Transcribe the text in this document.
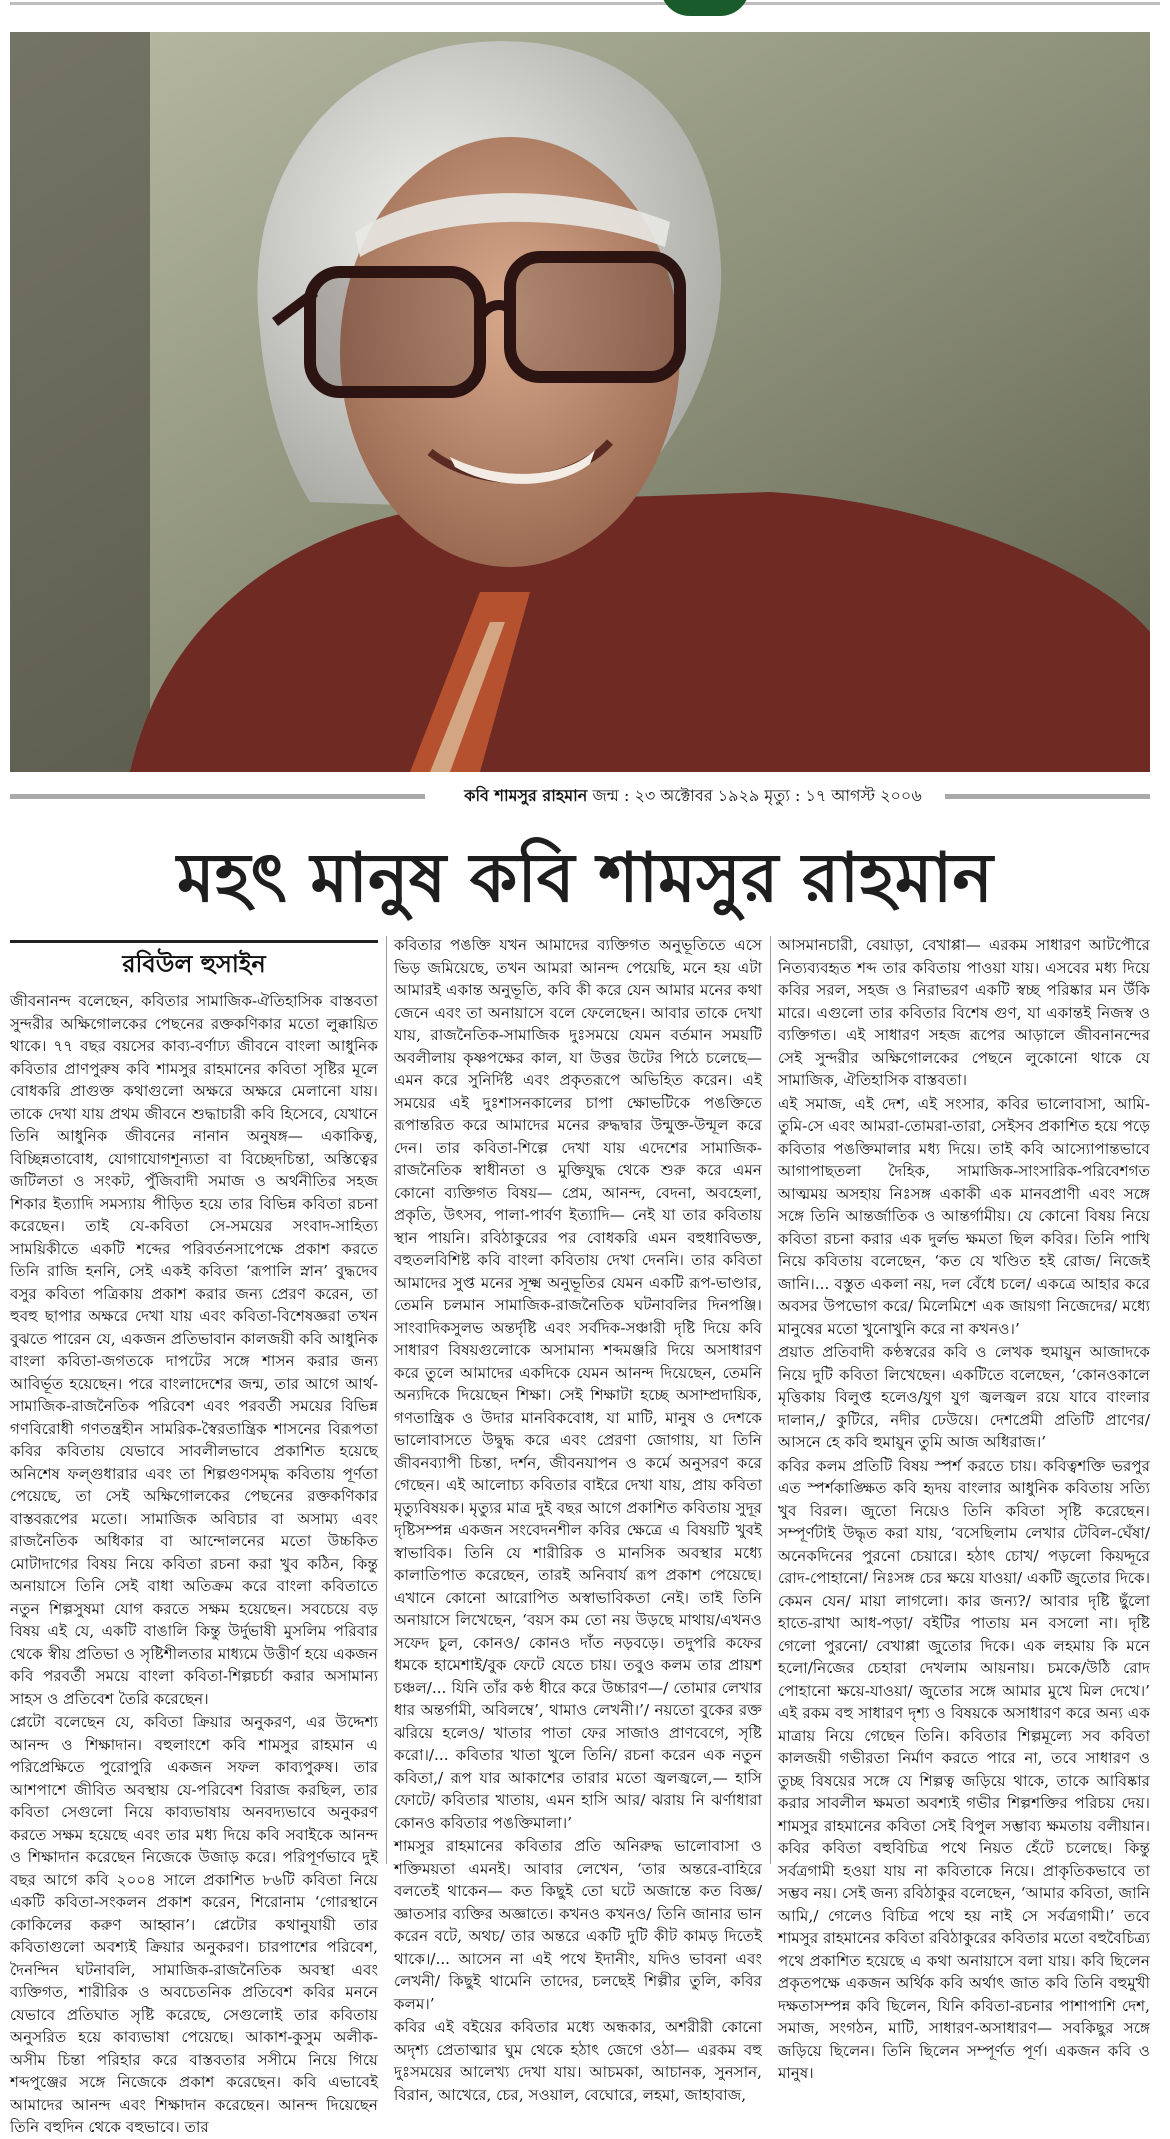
কবি শামসুর রাহমান জন্ম : ২৩ অক্টোবর ১৯২৯ মৃত্যু : ১৭ আগস্ট ২০০৬
মহৎ মানুষ কবি শামসুর রাহমান
রবিউল হুসাইন

জীবনানন্দ বলেছেন, কবিতার সামাজিক-ঐতিহাসিক বাস্তবতা সুন্দরীর অক্ষিগোলকের পেছনের রক্তকণিকার মতো লুক্কায়িত থাকে। ৭৭ বছর বয়সের কাব্য-বর্ণাঢ্য জীবনে বাংলা আধুনিক কবিতার প্রাণপুরুষ কবি শামসুর রাহমানের কবিতা সৃষ্টির মূলে বোধকরি প্রাগুক্ত কথাগুলো অক্ষরে অক্ষরে মেলানো যায়। তাকে দেখা যায় প্রথম জীবনে শুদ্ধাচারী কবি হিসেবে, যেখানে তিনি আধুনিক জীবনের নানান অনুষঙ্গ— একাকিত্ব, বিচ্ছিন্নতাবোধ, যোগাযোগশূন্যতা বা বিচ্ছেদচিন্তা, অস্তিত্বের জটিলতা ও সংকট, পুঁজিবাদী সমাজ ও অর্থনীতির সহজ শিকার ইত্যাদি সমস্যায় পীড়িত হয়ে তার বিভিন্ন কবিতা রচনা করেছেন। তাই যে-কবিতা সে-সময়ের সংবাদ-সাহিত্য সাময়িকীতে একটি শব্দের পরিবর্তনসাপেক্ষে প্রকাশ করতে তিনি রাজি হননি, সেই একই কবিতা ‘রূপালি স্নান’ বুদ্ধদেব বসুর কবিতা পত্রিকায় প্রকাশ করার জন্য প্রেরণ করেন, তা হুবহু ছাপার অক্ষরে দেখা যায় এবং কবিতা-বিশেষজ্ঞরা তখন বুঝতে পারেন যে, একজন প্রতিভাবান কালজয়ী কবি আধুনিক বাংলা কবিতা-জগতকে দাপটের সঙ্গে শাসন করার জন্য আবির্ভূত হয়েছেন। পরে বাংলাদেশের জন্ম, তার আগে আর্থ-সামাজিক-রাজনৈতিক পরিবেশ এবং পরবর্তী সময়ের বিভিন্ন গণবিরোধী গণতন্ত্রহীন সামরিক-স্বৈরতান্ত্রিক শাসনের বিরূপতা কবির কবিতায় যেভাবে সাবলীলভাবে প্রকাশিত হয়েছে অনিশেষ ফল্গুধারার এবং তা শিল্পগুণসমৃদ্ধ কবিতায় পূর্ণতা পেয়েছে, তা সেই অক্ষিগোলকের পেছনের রক্তকণিকার বাস্তবরূপের মতো। সামাজিক অবিচার বা অসাম্য এবং রাজনৈতিক অধিকার বা আন্দোলনের মতো উচ্চকিত মোটাদাগের বিষয় নিয়ে কবিতা রচনা করা খুব কঠিন, কিন্তু অনায়াসে তিনি সেই বাধা অতিক্রম করে বাংলা কবিতাতে নতুন শিল্পসুষমা যোগ করতে সক্ষম হয়েছেন। সবচেয়ে বড় বিষয় এই যে, একটি বাঙালি কিন্তু উর্দুভাষী মুসলিম পরিবার থেকে স্বীয় প্রতিভা ও সৃষ্টিশীলতার মাধ্যমে উত্তীর্ণ হয়ে একজন কবি পরবর্তী সময়ে বাংলা কবিতা-শিল্পচর্চা করার অসামান্য সাহস ও প্রতিবেশ তৈরি করেছেন।

প্লেটো বলেছেন যে, কবিতা ক্রিয়ার অনুকরণ, এর উদ্দেশ্য আনন্দ ও শিক্ষাদান। বহুলাংশে কবি শামসুর রাহমান এ পরিপ্রেক্ষিতে পুরোপুরি একজন সফল কাব্যপুরুষ। তার আশপাশে জীবিত অবস্থায় যে-পরিবেশ বিরাজ করছিল, তার কবিতা সেগুলো নিয়ে কাব্যভাষায় অনবদ্যভাবে অনুকরণ করতে সক্ষম হয়েছে এবং তার মধ্য দিয়ে কবি সবাইকে আনন্দ ও শিক্ষাদান করেছেন নিজেকে উজাড় করে। পরিপূর্ণভাবে দুই বছর আগে কবি ২০০৪ সালে প্রকাশিত ৮৬টি কবিতা নিয়ে একটি কবিতা-সংকলন প্রকাশ করেন, শিরোনাম ‘গোরস্থানে কোকিলের করুণ আহ্বান’। প্লেটোর কথানুযায়ী তার কবিতাগুলো অবশ্যই ক্রিয়ার অনুকরণ। চারপাশের পরিবেশ, দৈনন্দিন ঘটনাবলি, সামাজিক-রাজনৈতিক অবস্থা এবং ব্যক্তিগত, শারীরিক ও অবচেতনিক প্রতিবেশ কবির মননে যেভাবে প্রতিঘাত সৃষ্টি করেছে, সেগুলোই তার কবিতায় অনুসরিত হয়ে কাব্যভাষা পেয়েছে। আকাশ-কুসুম অলীক-অসীম চিন্তা পরিহার করে বাস্তবতার সসীমে নিয়ে গিয়ে শব্দপুঞ্জের সঙ্গে নিজেকে প্রকাশ করেছেন। কবি এভাবেই আমাদের আনন্দ এবং শিক্ষাদান করেছেন। আনন্দ দিয়েছেন তিনি বহুদিন থেকে বহুভাবে। তার

কবিতার পঙক্তি যখন আমাদের ব্যক্তিগত অনুভূতিতে এসে ভিড় জমিয়েছে, তখন আমরা আনন্দ পেয়েছি, মনে হয় এটা আমারই একান্ত অনুভূতি, কবি কী করে যেন আমার মনের কথা জেনে এবং তা অনায়াসে বলে ফেলেছেন। আবার তাকে দেখা যায়, রাজনৈতিক-সামাজিক দুঃসময়ে যেমন বর্তমান সময়টি অবলীলায় কৃষ্ণপক্ষের কাল, যা উত্তর উটের পিঠে চলেছে— এমন করে সুনির্দিষ্ট এবং প্রকৃতরূপে অভিহিত করেন। এই সময়ের এই দুঃশাসনকালের চাপা ক্ষোভটিকে পঙক্তিতে রূপান্তরিত করে আমাদের মনের রুদ্ধদ্বার উন্মুক্ত-উন্মূল করে দেন। তার কবিতা-শিল্পে দেখা যায় এদেশের সামাজিক-রাজনৈতিক স্বাধীনতা ও মুক্তিযুদ্ধ থেকে শুরু করে এমন কোনো ব্যক্তিগত বিষয়— প্রেম, আনন্দ, বেদনা, অবহেলা, প্রকৃতি, উৎসব, পালা-পার্বণ ইত্যাদি— নেই যা তার কবিতায় স্থান পায়নি। রবিঠাকুরের পর বোধকরি এমন বহুধাবিভক্ত, বহুতলবিশিষ্ট কবি বাংলা কবিতায় দেখা দেননি। তার কবিতা আমাদের সুপ্ত মনের সূক্ষ্ম অনুভূতির যেমন একটি রূপ-ভাণ্ডার, তেমনি চলমান সামাজিক-রাজনৈতিক ঘটনাবলির দিনপঞ্জি। সাংবাদিকসুলভ অন্তর্দৃষ্টি এবং সর্বদিক-সঞ্চারী দৃষ্টি দিয়ে কবি সাধারণ বিষয়গুলোকে অসামান্য শব্দমঞ্জরি দিয়ে অসাধারণ করে তুলে আমাদের একদিকে যেমন আনন্দ দিয়েছেন, তেমনি অন্যদিকে দিয়েছেন শিক্ষা। সেই শিক্ষাটা হচ্ছে অসাম্প্রদায়িক, গণতান্ত্রিক ও উদার মানবিকবোধ, যা মাটি, মানুষ ও দেশকে ভালোবাসতে উদ্বুদ্ধ করে এবং প্রেরণা জোগায়, যা তিনি জীবনব্যাপী চিন্তা, দর্শন, জীবনযাপন ও কর্মে অনুসরণ করে গেছেন। এই আলোচ্য কবিতার বাইরে দেখা যায়, প্রায় কবিতা মৃত্যুবিষয়ক। মৃত্যুর মাত্র দুই বছর আগে প্রকাশিত কবিতায় সুদূর দৃষ্টিসম্পন্ন একজন সংবেদনশীল কবির ক্ষেত্রে এ বিষয়টি খুবই স্বাভাবিক। তিনি যে শারীরিক ও মানসিক অবস্থার মধ্যে কালাতিপাত করেছেন, তারই অনিবার্য রূপ প্রকাশ পেয়েছে। এখানে কোনো আরোপিত অস্বাভাবিকতা নেই। তাই তিনি অনায়াসে লিখেছেন, ‘বয়স কম তো নয় উড়ছে মাথায়/এখনও সফেদ চুল, কোনও/ কোনও দাঁত নড়বড়ে। তদুপরি কফের ধমকে হামেশাই/বুক ফেটে যেতে চায়। তবুও কলম তার প্রায়শ চঞ্চল/... যিনি তাঁর কণ্ঠ ধীরে করে উচ্চারণ—/ তোমার লেখার ধার অন্তর্গামী, অবিলম্বে’, থামাও লেখনী।’/ নয়তো বুকের রক্ত ঝরিয়ে হলেও/ খাতার পাতা ফের সাজাও প্রাণবেগে, সৃষ্টি করো।/... কবিতার খাতা খুলে তিনি/ রচনা করেন এক নতুন কবিতা,/ রূপ যার আকাশের তারার মতো জ্বলজ্বলে,— হাসি ফোটে/ কবিতার খাতায়, এমন হাসি আর/ ঝরায় নি ঝর্ণাধারা কোনও কবিতার পঙক্তিমালা।’

শামসুর রাহমানের কবিতার প্রতি অনিরুদ্ধ ভালোবাসা ও শক্তিময়তা এমনই। আবার লেখেন, ‘তার অন্তরে-বাহিরে বলতেই থাকেন— কত কিছুই তো ঘটে অজান্তে কত বিজ্ঞ/জ্ঞাতসার ব্যক্তির অজ্ঞাতে। কখনও কখনও/ তিনি জানার ভান করেন বটে, অথচ/ তার অন্তরে একটি দুটি কীট কামড় দিতেই থাকে।/... আসেন না এই পথে ইদানীং, যদিও ভাবনা এবং লেখনী/ কিছুই থামেনি তাদের, চলছেই শিল্পীর তুলি, কবির কলম।’

কবির এই বইয়ের কবিতার মধ্যে অন্ধকার, অশরীরী কোনো অদৃশ্য প্রেতাত্মার ঘুম থেকে হঠাৎ জেগে ওঠা— এরকম বহু দুঃসময়ের আলেখ্য দেখা যায়। আচমকা, আচানক, সুনসান, বিরান, আখেরে, চের, সওয়াল, বেঘোরে, লহমা, জাহাবাজ,

আসমানচারী, বেয়াড়া, বেখাপ্পা— এরকম সাধারণ আটপৌরে নিত্যব্যবহৃত শব্দ তার কবিতায় পাওয়া যায়। এসবের মধ্য দিয়ে কবির সরল, সহজ ও নিরাভরণ একটি স্বচ্ছ পরিষ্কার মন উঁকি মারে। এগুলো তার কবিতার বিশেষ গুণ, যা একান্তই নিজস্ব ও ব্যক্তিগত। এই সাধারণ সহজ রূপের আড়ালে জীবনানন্দের সেই সুন্দরীর অক্ষিগোলকের পেছনে লুকোনো থাকে যে সামাজিক, ঐতিহাসিক বাস্তবতা।

এই সমাজ, এই দেশ, এই সংসার, কবির ভালোবাসা, আমি-তুমি-সে এবং আমরা-তোমরা-তারা, সেইসব প্রকাশিত হয়ে পড়ে কবিতার পঙক্তিমালার মধ্য দিয়ে। তাই কবি আস্যোপান্তভাবে আগাপাছতলা দৈহিক, সামাজিক-সাংসারিক-পরিবেশগত আত্মময় অসহায় নিঃসঙ্গ একাকী এক মানবপ্রাণী এবং সঙ্গে সঙ্গে তিনি আন্তর্জাতিক ও আন্তর্গামীয়। যে কোনো বিষয় নিয়ে কবিতা রচনা করার এক দুর্লভ ক্ষমতা ছিল কবির। তিনি পাখি নিয়ে কবিতায় বলেছেন, ‘কত যে খণ্ডিত হই রোজ/ নিজেই জানি।... বস্তুত একলা নয়, দল বেঁধে চলে/ একত্রে আহার করে অবসর উপভোগ করে/ মিলেমিশে এক জায়গা নিজেদের/ মধ্যে মানুষের মতো খুনোখুনি করে না কখনও।’

প্রয়াত প্রতিবাদী কণ্ঠস্বরের কবি ও লেখক হুমায়ুন আজাদকে নিয়ে দুটি কবিতা লিখেছেন। একটিতে বলেছেন, ‘কোনওকালে মৃত্তিকায় বিলুপ্ত হলেও/যুগ যুগ জ্বলজ্বল রয়ে যাবে বাংলার দালান,/ কুটিরে, নদীর ঢেউয়ে। দেশপ্রেমী প্রতিটি প্রাণের/ আসনে হে কবি হুমায়ুন তুমি আজ অধিরাজ।’

কবির কলম প্রতিটি বিষয় স্পর্শ করতে চায়। কবিত্বশক্তি ভরপুর এত স্পর্শকাঙ্ক্ষিত কবি হৃদয় বাংলার আধুনিক কবিতায় সত্যি খুব বিরল। জুতো নিয়েও তিনি কবিতা সৃষ্টি করেছেন। সম্পূর্ণটাই উদ্ধৃত করা যায়, ‘বসেছিলাম লেখার টেবিল-ঘেঁষা/ অনেকদিনের পুরনো চেয়ারে। হঠাৎ চোখ/ পড়লো কিয়দ্দূরে রোদ-পোহানো/ নিঃসঙ্গ চের ক্ষয়ে যাওয়া/ একটি জুতোর দিকে। কেমন যেন/ মায়া লাগলো। কার জন্য?/ আবার দৃষ্টি ছুঁলো হাতে-রাখা আধ-পড়া/ বইটির পাতায় মন বসলো না। দৃষ্টি গেলো পুরনো/ বেখাপ্পা জুতোর দিকে। এক লহমায় কি মনে হলো/নিজের চেহারা দেখলাম আয়নায়। চমকে/উঠি রোদ পোহানো ক্ষয়ে-যাওয়া/ জুতোর সঙ্গে আমার মুখে মিল দেখে।’ এই রকম বহু সাধারণ দৃশ্য ও বিষয়কে অসাধারণ করে অন্য এক মাত্রায় নিয়ে গেছেন তিনি। কবিতার শিল্পমূল্যে সব কবিতা কালজয়ী গভীরতা নির্মাণ করতে পারে না, তবে সাধারণ ও তুচ্ছ বিষয়ের সঙ্গে যে শিল্পত্ব জড়িয়ে থাকে, তাকে আবিষ্কার করার সাবলীল ক্ষমতা অবশ্যই গভীর শিল্পশক্তির পরিচয় দেয়। শামসুর রাহমানের কবিতা সেই বিপুল সম্ভাব্য ক্ষমতায় বলীয়ান। কবির কবিতা বহুবিচিত্র পথে নিয়ত হেঁটে চলেছে। কিন্তু সর্বত্রগামী হওয়া যায় না কবিতাকে নিয়ে। প্রাকৃতিকভাবে তা সম্ভব নয়। সেই জন্য রবিঠাকুর বলেছেন, ‘আমার কবিতা, জানি আমি,/ গেলেও বিচিত্র পথে হয় নাই সে সর্বত্রগামী।’ তবে শামসুর রাহমানের কবিতা রবিঠাকুরের কবিতার মতো বহুবৈচিত্র্য পথে প্রকাশিত হয়েছে এ কথা অনায়াসে বলা যায়। কবি ছিলেন প্রকৃতপক্ষে একজন অর্থিক কবি অর্থাৎ জাত কবি তিনি বহুমুখী দক্ষতাসম্পন্ন কবি ছিলেন, যিনি কবিতা-রচনার পাশাপাশি দেশ, সমাজ, সংগঠন, মাটি, সাধারণ-অসাধারণ— সবকিছুর সঙ্গে জড়িয়ে ছিলেন। তিনি ছিলেন সম্পূর্ণত পূর্ণ। একজন কবি ও মানুষ।
